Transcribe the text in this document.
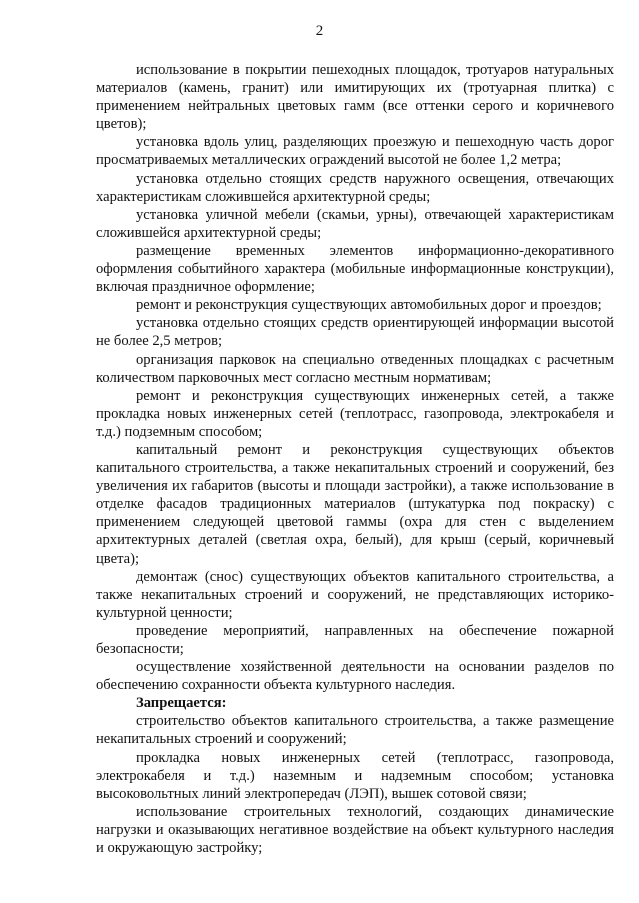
2

использование в покрытии пешеходных площадок, тротуаров натуральных материалов (камень, гранит) или имитирующих их (тротуарная плитка) с применением нейтральных цветовых гамм (все оттенки серого и коричневого цветов);

установка вдоль улиц, разделяющих проезжую и пешеходную часть дорог просматриваемых металлических ограждений высотой не более 1,2 метра;

установка отдельно стоящих средств наружного освещения, отвечающих характеристикам сложившейся архитектурной среды;

установка уличной мебели (скамьи, урны), отвечающей характеристикам сложившейся архитектурной среды;

размещение временных элементов информационно-декоративного оформления событийного характера (мобильные информационные конструкции), включая праздничное оформление;

ремонт и реконструкция существующих автомобильных дорог и проездов;

установка отдельно стоящих средств ориентирующей информации высотой не более 2,5 метров;

организация парковок на специально отведенных площадках с расчетным количеством парковочных мест согласно местным нормативам;

ремонт и реконструкция существующих инженерных сетей, а также прокладка новых инженерных сетей (теплотрасс, газопровода, электрокабеля и т.д.) подземным способом;

капитальный ремонт и реконструкция существующих объектов капитального строительства, а также некапитальных строений и сооружений, без увеличения их габаритов (высоты и площади застройки), а также использование в отделке фасадов традиционных материалов (штукатурка под покраску) с применением следующей цветовой гаммы (охра для стен с выделением архитектурных деталей (светлая охра, белый), для крыш (серый, коричневый цвета);

демонтаж (снос) существующих объектов капитального строительства, а также некапитальных строений и сооружений, не представляющих историко-культурной ценности;

проведение мероприятий, направленных на обеспечение пожарной безопасности;

осуществление хозяйственной деятельности на основании разделов по обеспечению сохранности объекта культурного наследия.

Запрещается:

строительство объектов капитального строительства, а также размещение некапитальных строений и сооружений;

прокладка новых инженерных сетей (теплотрасс, газопровода, электрокабеля и т.д.) наземным и надземным способом; установка высоковольтных линий электропередач (ЛЭП), вышек сотовой связи;

использование строительных технологий, создающих динамические нагрузки и оказывающих негативное воздействие на объект культурного наследия и окружающую застройку;
